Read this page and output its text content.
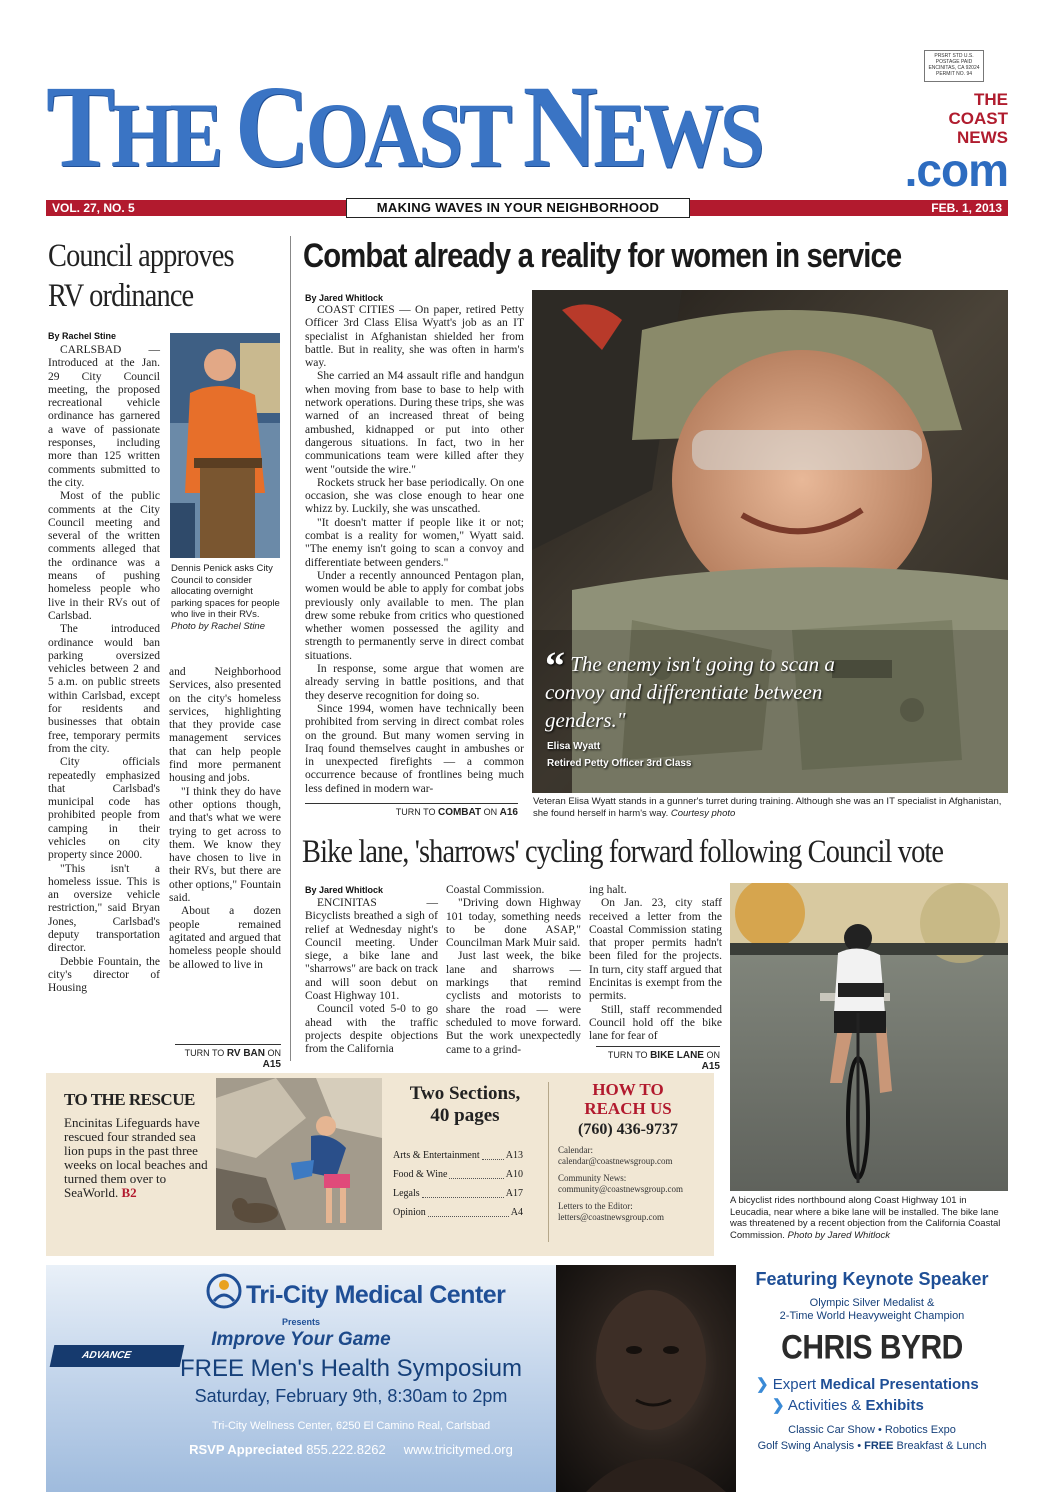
THE COAST NEWS
PRSRT STD U.S. POSTAGE PAID ENCINITAS, CA 92024 PERMIT NO. 94
THE
COAST
NEWS
.com
VOL. 27, NO. 5	FEB. 1, 2013
MAKING WAVES IN YOUR NEIGHBORHOOD
Council approves
RV ordinance
By Rachel Stine
Dennis Penick asks City Council to consider allocating overnight parking spaces for people who live in their RVs. Photo by Rachel Stine

CARLSBAD — Introduced at the Jan. 29 City Council meeting, the proposed recreational vehicle ordinance has garnered a wave of passionate responses, including more than 125 written comments submitted to the city.

Most of the public comments at the City Council meeting and several of the written comments alleged that the ordinance was a means of pushing homeless people who live in their RVs out of Carlsbad.

The introduced ordinance would ban parking oversized vehicles between 2 and 5 a.m. on public streets within Carlsbad, except for residents and businesses that obtain free, temporary permits from the city.

City officials repeatedly emphasized that Carlsbad's municipal code has prohibited people from camping in their vehicles on city property since 2000.

"This isn't a homeless issue. This is an oversize vehicle restriction," said Bryan Jones, Carlsbad's deputy transportation director.

Debbie Fountain, the city's director of Housing

and Neighborhood Services, also presented on the city's homeless services, highlighting that they provide case management services that can help people find more permanent housing and jobs.

"I think they do have other options though, and that's what we were trying to get across to them. We know they have chosen to live in their RVs, but there are other options," Fountain said.

About a dozen people remained agitated and argued that homeless people should be allowed to live in

TURN TO RV BAN ON A15
Combat already a reality for women in service
By Jared Whitlock

COAST CITIES — On paper, retired Petty Officer 3rd Class Elisa Wyatt's job as an IT specialist in Afghanistan shielded her from battle. But in reality, she was often in harm's way.

She carried an M4 assault rifle and handgun when moving from base to base to help with network operations. During these trips, she was warned of an increased threat of being ambushed, kidnapped or put into other dangerous situations. In fact, two in her communications team were killed after they went "outside the wire."

Rockets struck her base periodically. On one occasion, she was close enough to hear one whizz by. Luckily, she was unscathed.

"It doesn't matter if people like it or not; combat is a reality for women," Wyatt said. "The enemy isn't going to scan a convoy and differentiate between genders."

Under a recently announced Pentagon plan, women would be able to apply for combat jobs previously only available to men. The plan drew some rebuke from critics who questioned whether women possessed the agility and strength to permanently serve in direct combat situations.

In response, some argue that women are already serving in battle positions, and that they deserve recognition for doing so.

Since 1994, women have technically been prohibited from serving in direct combat roles on the ground. But many women serving in Iraq found themselves caught in ambushes or in unexpected firefights — a common occurrence because of frontlines being much less defined in modern war-

TURN TO COMBAT ON A16
“ The enemy isn't going to scan a convoy and differentiate between genders."
Elisa Wyatt
Retired Petty Officer 3rd Class
Veteran Elisa Wyatt stands in a gunner's turret during training. Although she was an IT specialist in Afghanistan, she found herself in harm's way. Courtesy photo
Bike lane, 'sharrows' cycling forward following Council vote
By Jared Whitlock

ENCINITAS — Bicyclists breathed a sigh of relief at Wednesday night's Council meeting. Under siege, a bike lane and "sharrows" are back on track and will soon debut on Coast Highway 101.

Council voted 5-0 to go ahead with the traffic projects despite objections from the California

Coastal Commission.

"Driving down Highway 101 today, something needs to be done ASAP," Councilman Mark Muir said.

Just last week, the bike lane and sharrows — markings that remind cyclists and motorists to share the road — were scheduled to move forward. But the work unexpectedly came to a grind-

ing halt.

On Jan. 23, city staff received a letter from the Coastal Commission stating that proper permits hadn't been filed for the projects. In turn, city staff argued that Encinitas is exempt from the permits.

Still, staff recommended Council hold off the bike lane for fear of

TURN TO BIKE LANE ON A15
A bicyclist rides northbound along Coast Highway 101 in Leucadia, near where a bike lane will be installed. The bike lane was threatened by a recent objection from the California Coastal Commission. Photo by Jared Whitlock
TO THE RESCUE
Encinitas Lifeguards have rescued four stranded sea lion pups in the past three weeks on local beaches and turned them over to SeaWorld. B2
Two Sections,
40 pages
Arts & Entertainment	A13
Food & Wine	A10
Legals	A17
Opinion	A4
HOW TO
REACH US
(760) 436-9737
Calendar:
calendar@coastnewsgroup.com
Community News:
community@coastnewsgroup.com
Letters to the Editor:
letters@coastnewsgroup.com
Tri-City Medical Center
Presents
Improve Your Game
ADVANCE	FREE Men's Health Symposium
Saturday, February 9th, 8:30am to 2pm
Tri-City Wellness Center, 6250 El Camino Real, Carlsbad
RSVP Appreciated 855.222.8262 www.tricitymed.org
Featuring Keynote Speaker
Olympic Silver Medalist &
2-Time World Heavyweight Champion
CHRIS BYRD
❯ Expert Medical Presentations
❯ Activities & Exhibits
Classic Car Show • Robotics Expo
Golf Swing Analysis • FREE Breakfast & Lunch
